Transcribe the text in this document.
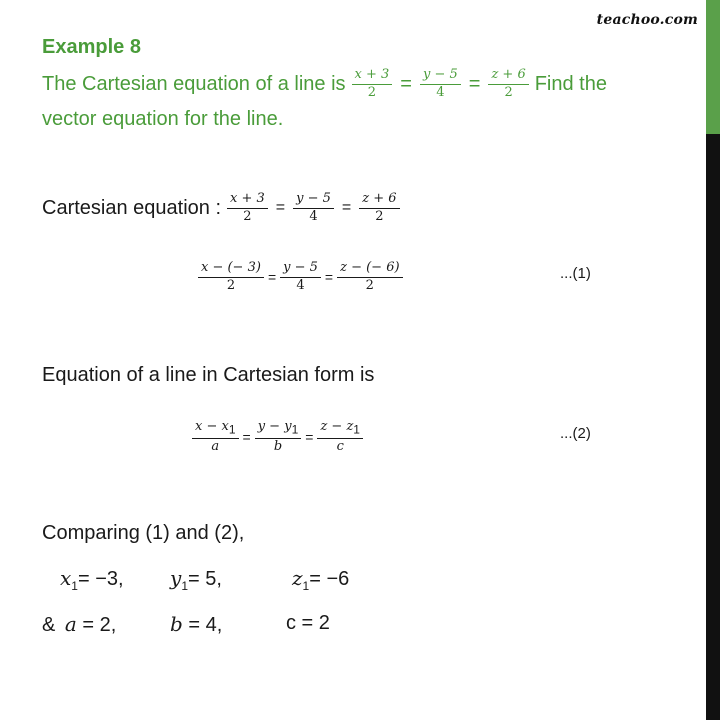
teachoo.com
Example 8
The Cartesian equation of a line is $\frac{x + 3}{2} = \frac{y - 5}{4} = \frac{z + 6}{2}$ Find the
vector equation for the line.
Cartesian equation : $\frac{x + 3}{2} = \frac{y - 5}{4} = \frac{z + 6}{2}$
$\frac{x - (- 3)}{2} = \frac{y - 5}{4} = \frac{z - (- 6)}{2}$	...(1)
Equation of a line in Cartesian form is
$\frac{x - x_1}{a} = \frac{y - y_1}{b} = \frac{z - z_1}{c}$	...(2)
Comparing (1) and (2),
$x_1= -3$, $y_1= 5$,	$z_1= -6$
& a = 2,	b = 4,	c = 2
